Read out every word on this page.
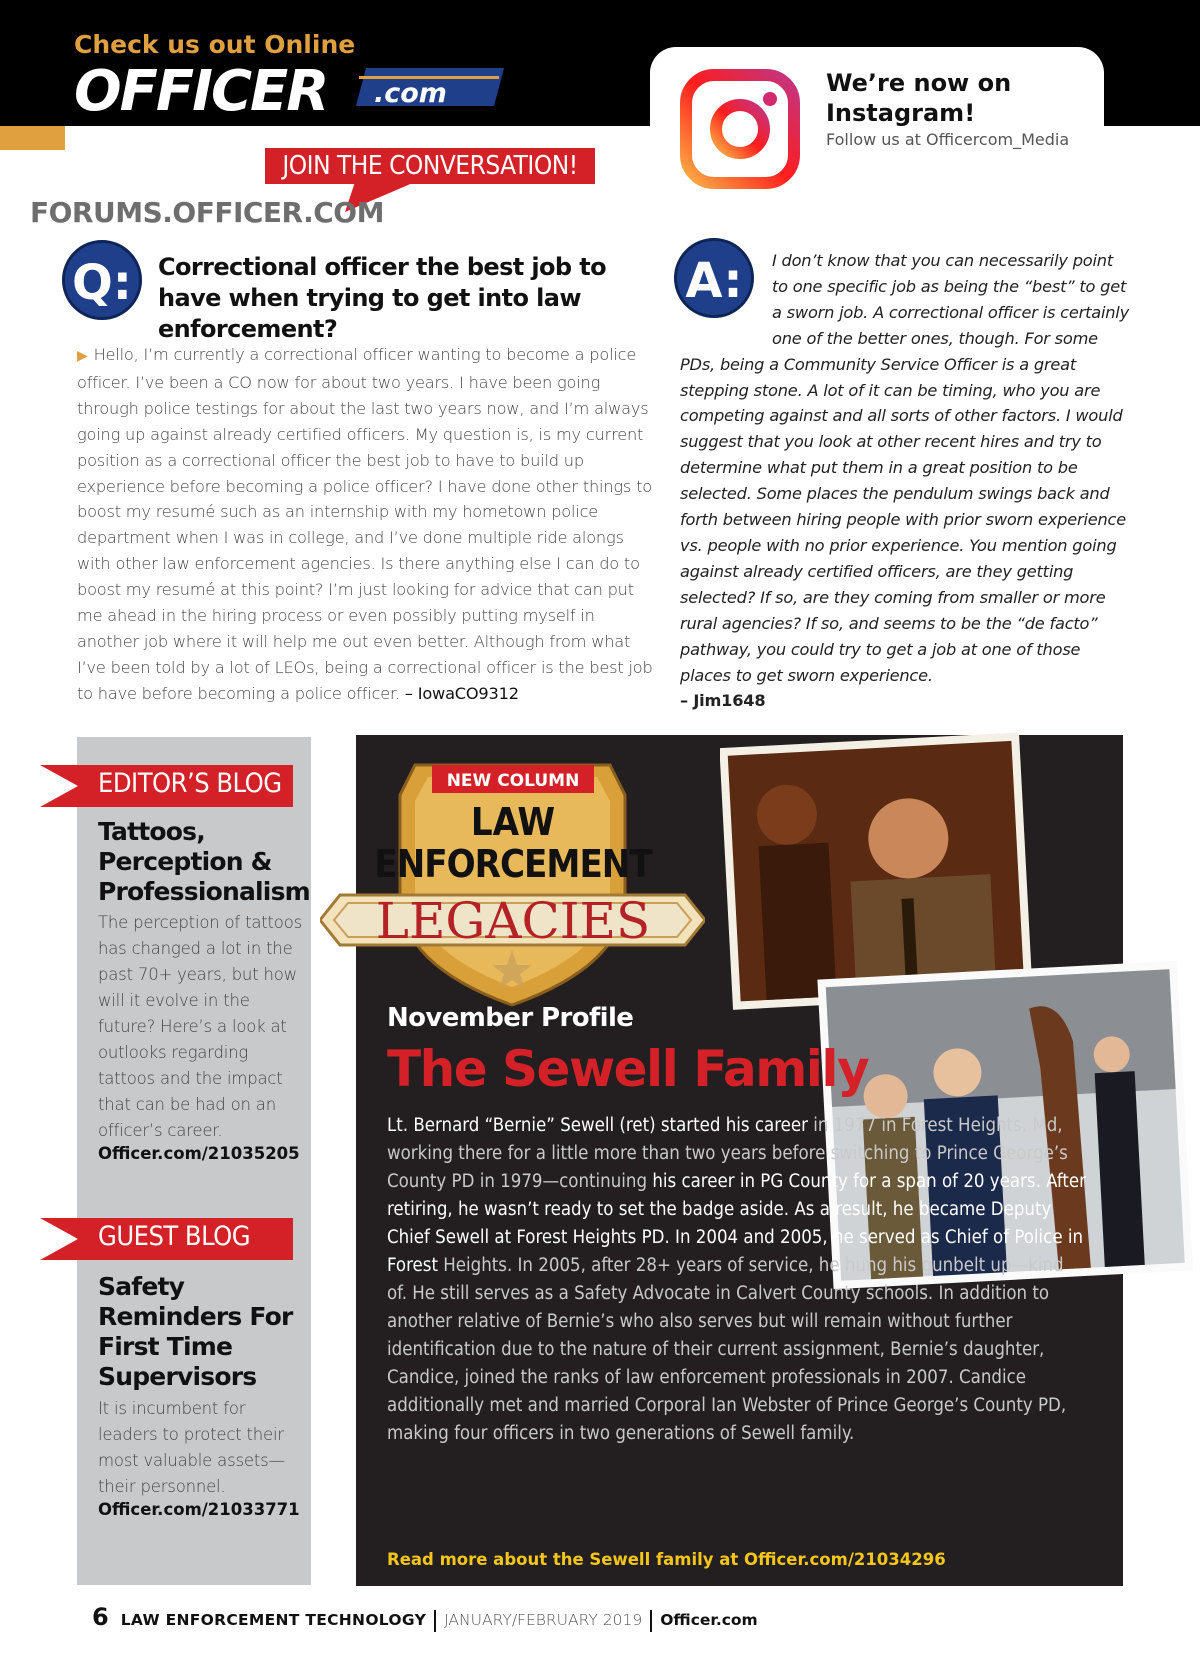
Check us out Online
OFFICER .com	We’re now on Instagram!
Follow us at Officercom_Media
JOIN THE CONVERSATION!
FORUMS.OFFICER.COM
Q:	Correctional officer the best job to have when trying to get into law enforcement?
▶ Hello, I’m currently a correctional officer wanting to become a police officer. I’ve been a CO now for about two years. I have been going through police testings for about the last two years now, and I’m always going up against already certified officers. My question is, is my current position as a correctional officer the best job to have to build up experience before becoming a police officer? I have done other things to boost my resumé such as an internship with my hometown police department when I was in college, and I’ve done multiple ride alongs with other law enforcement agencies. Is there anything else I can do to boost my resumé at this point? I’m just looking for advice that can put me ahead in the hiring process or even possibly putting myself in another job where it will help me out even better. Although from what I’ve been told by a lot of LEOs, being a correctional officer is the best job to have before becoming a police officer. – IowaCO9312
A:	I don’t know that you can necessarily point to one specific job as being the “best” to get a sworn job. A correctional officer is certainly one of the better ones, though. For some PDs, being a Community Service Officer is a great stepping stone. A lot of it can be timing, who you are competing against and all sorts of other factors. I would suggest that you look at other recent hires and try to determine what put them in a great position to be selected. Some places the pendulum swings back and forth between hiring people with prior sworn experience vs. people with no prior experience. You mention going against already certified officers, are they getting selected? If so, are they coming from smaller or more rural agencies? If so, and seems to be the “de facto” pathway, you could try to get a job at one of those places to get sworn experience.
– Jim1648
EDITOR’S BLOG
Tattoos, Perception & Professionalism
The perception of tattoos has changed a lot in the past 70+ years, but how will it evolve in the future? Here’s a look at outlooks regarding tattoos and the impact that can be had on an officer’s career.
Officer.com/21035205
GUEST BLOG
Safety Reminders For First Time Supervisors
It is incumbent for leaders to protect their most valuable assets—their personnel.
Officer.com/21033771
NEW COLUMN
LAW
ENFORCEMENT
LEGACIES
November Profile
The Sewell Family
Lt. Bernard “Bernie” Sewell (ret) started his career in 1977 in Forest Heights, Md, working there for a little more than two years before switching to Prince George’s County PD in 1979—continuing his career in PG County for a span of 20 years. After retiring, he wasn’t ready to set the badge aside. As a result, he became Deputy Chief Sewell at Forest Heights PD. In 2004 and 2005, he served as Chief of Police in Forest Heights. In 2005, after 28+ years of service, he hung his gunbelt up—kind of. He still serves as a Safety Advocate in Calvert County schools. In addition to another relative of Bernie’s who also serves but will remain without further identification due to the nature of their current assignment, Bernie’s daughter, Candice, joined the ranks of law enforcement professionals in 2007. Candice additionally met and married Corporal Ian Webster of Prince George’s County PD, making four officers in two generations of Sewell family.
Read more about the Sewell family at Officer.com/21034296
6 LAW ENFORCEMENT TECHNOLOGY JANUARY/FEBRUARY 2019 Officer.com
